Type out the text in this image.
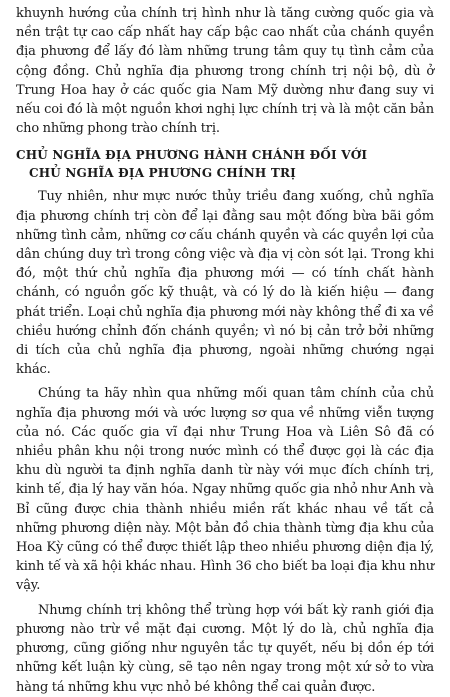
khuynh hướng của chính trị hình như là tăng cường quốc gia và nền trật tự cao cấp nhất hay cấp bậc cao nhất của chánh quyền địa phương để lấy đó làm những trung tâm quy tụ tình cảm của cộng đồng. Chủ nghĩa địa phương trong chính trị nội bộ, dù ở Trung Hoa hay ở các quốc gia Nam Mỹ dường như đang suy vi nếu coi đó là một nguồn khơi nghị lực chính trị và là một căn bản cho những phong trào chính trị.

CHỦ NGHĨA ĐỊA PHƯƠNG HÀNH CHÁNH ĐỐI VỚI
CHỦ NGHĨA ĐỊA PHƯƠNG CHÍNH TRỊ

Tuy nhiên, như mực nước thủy triều đang xuống, chủ nghĩa địa phương chính trị còn để lại đằng sau một đống bừa bãi gồm những tình cảm, những cơ cấu chánh quyền và các quyền lợi của dân chúng duy trì trong công việc và địa vị còn sót lại. Trong khi đó, một thứ chủ nghĩa địa phương mới — có tính chất hành chánh, có nguồn gốc kỹ thuật, và có lý do là kiến hiệu — đang phát triển. Loại chủ nghĩa địa phương mới này không thể đi xa về chiều hướng chỉnh đốn chánh quyền; vì nó bị cản trở bởi những di tích của chủ nghĩa địa phương, ngoài những chướng ngại khác.

Chúng ta hãy nhìn qua những mối quan tâm chính của chủ nghĩa địa phương mới và ước lượng sơ qua về những viễn tượng của nó. Các quốc gia vĩ đại như Trung Hoa và Liên Sô đã có nhiều phân khu nội trong nước mình có thể được gọi là các địa khu dù người ta định nghĩa danh từ này với mục đích chính trị, kinh tế, địa lý hay văn hóa. Ngay những quốc gia nhỏ như Anh và Bỉ cũng được chia thành nhiều miền rất khác nhau về tất cả những phương diện này. Một bản đồ chia thành từng địa khu của Hoa Kỳ cũng có thể được thiết lập theo nhiều phương diện địa lý, kinh tế và xã hội khác nhau. Hình 36 cho biết ba loại địa khu như vậy.

Nhưng chính trị không thể trùng hợp với bất kỳ ranh giới địa phương nào trừ về mặt đại cương. Một lý do là, chủ nghĩa địa phương, cũng giống như nguyên tắc tự quyết, nếu bị dồn ép tới những kết luận kỳ cùng, sẽ tạo nên ngay trong một xứ sở to vừa hàng tá những khu vực nhỏ bé không thể cai quản được.
